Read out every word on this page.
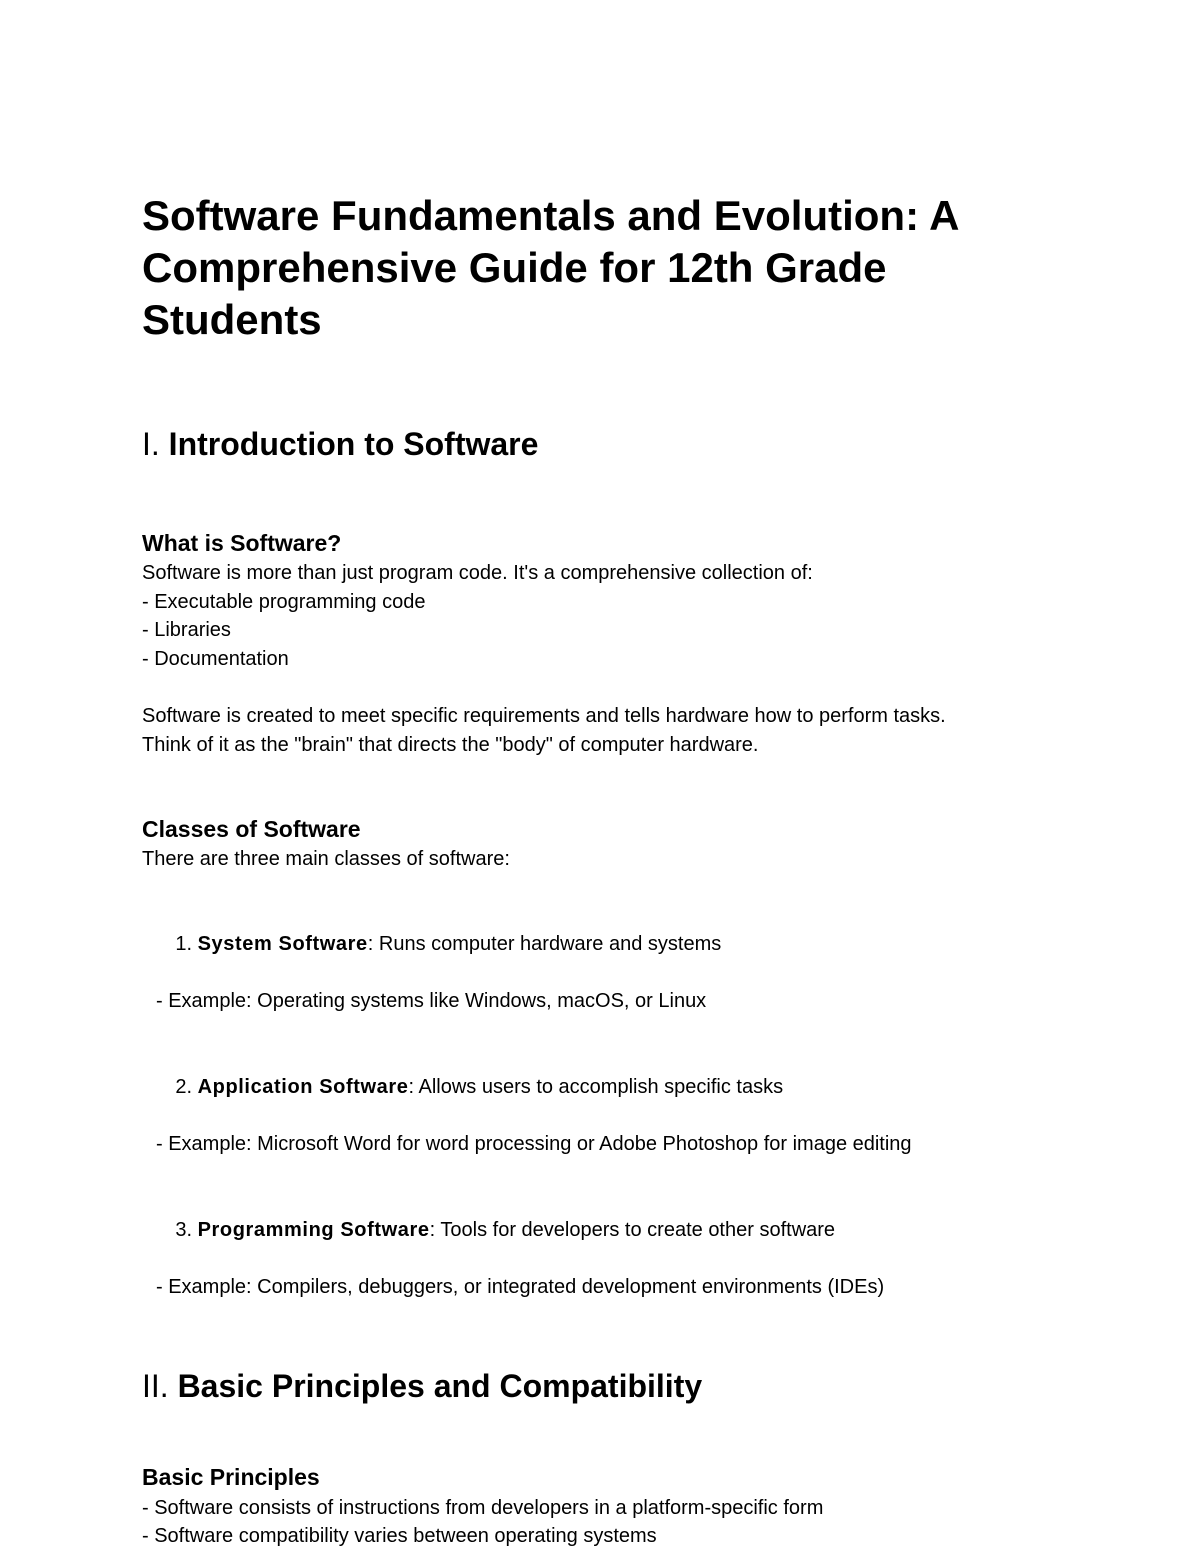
Software Fundamentals and Evolution: A Comprehensive Guide for 12th Grade Students
I. Introduction to Software
What is Software?

Software is more than just program code. It's a comprehensive collection of:

- Executable programming code

- Libraries

- Documentation

Software is created to meet specific requirements and tells hardware how to perform tasks.

Think of it as the "brain" that directs the "body" of computer hardware.

Classes of Software

There are three main classes of software:

1. System Software: Runs computer hardware and systems

- Example: Operating systems like Windows, macOS, or Linux

2. Application Software: Allows users to accomplish specific tasks

- Example: Microsoft Word for word processing or Adobe Photoshop for image editing

3. Programming Software: Tools for developers to create other software

- Example: Compilers, debuggers, or integrated development environments (IDEs)

II. Basic Principles and Compatibility
Basic Principles

- Software consists of instructions from developers in a platform-specific form

- Software compatibility varies between operating systems
